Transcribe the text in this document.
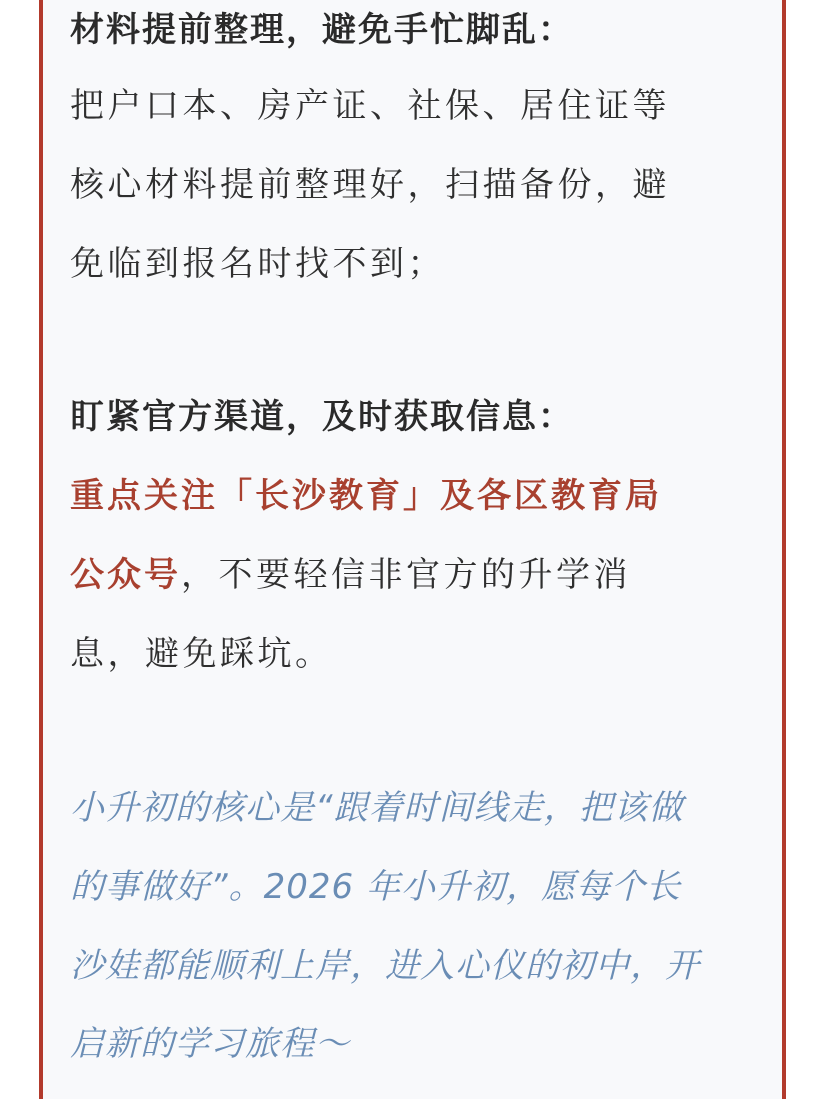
材料提前整理，避免手忙脚乱：
把户口本、房产证、社保、居住证等
核心材料提前整理好，扫描备份，避
免临到报名时找不到；
盯紧官方渠道，及时获取信息：
重点关注「长沙教育」及各区教育局
公众号，不要轻信非官方的升学消
息，避免踩坑。
小升初的核心是“跟着时间线走，把该做
的事做好”。2026 年小升初，愿每个长
沙娃都能顺利上岸，进入心仪的初中，开
启新的学习旅程～
